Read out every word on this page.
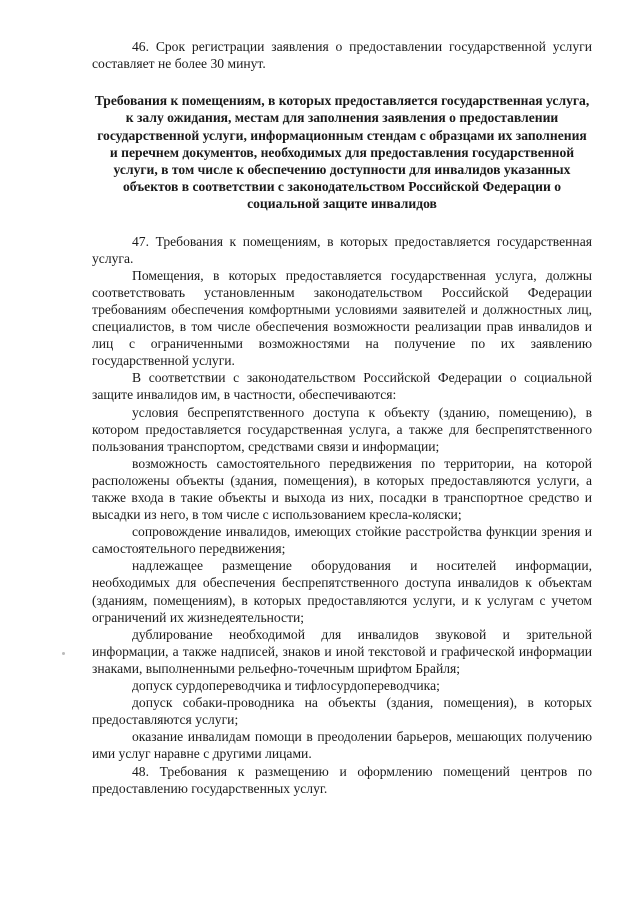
46. Срок регистрации заявления о предоставлении государственной услуги составляет не более 30 минут.

Требования к помещениям, в которых предоставляется государственная услуга, к залу ожидания, местам для заполнения заявления о предоставлении государственной услуги, информационным стендам с образцами их заполнения и перечнем документов, необходимых для предоставления государственной услуги, в том числе к обеспечению доступности для инвалидов указанных объектов в соответствии с законодательством Российской Федерации о социальной защите инвалидов

47. Требования к помещениям, в которых предоставляется государственная услуга.

Помещения, в которых предоставляется государственная услуга, должны соответствовать установленным законодательством Российской Федерации требованиям обеспечения комфортными условиями заявителей и должностных лиц, специалистов, в том числе обеспечения возможности реализации прав инвалидов и лиц с ограниченными возможностями на получение по их заявлению государственной услуги.

В соответствии с законодательством Российской Федерации о социальной защите инвалидов им, в частности, обеспечиваются:

условия беспрепятственного доступа к объекту (зданию, помещению), в котором предоставляется государственная услуга, а также для беспрепятственного пользования транспортом, средствами связи и информации;

возможность самостоятельного передвижения по территории, на которой расположены объекты (здания, помещения), в которых предоставляются услуги, а также входа в такие объекты и выхода из них, посадки в транспортное средство и высадки из него, в том числе с использованием кресла-коляски;

сопровождение инвалидов, имеющих стойкие расстройства функции зрения и самостоятельного передвижения;

надлежащее размещение оборудования и носителей информации, необходимых для обеспечения беспрепятственного доступа инвалидов к объектам (зданиям, помещениям), в которых предоставляются услуги, и к услугам с учетом ограничений их жизнедеятельности;

дублирование необходимой для инвалидов звуковой и зрительной информации, а также надписей, знаков и иной текстовой и графической информации знаками, выполненными рельефно-точечным шрифтом Брайля;

допуск сурдопереводчика и тифлосурдопереводчика;

допуск собаки-проводника на объекты (здания, помещения), в которых предоставляются услуги;

оказание инвалидам помощи в преодолении барьеров, мешающих получению ими услуг наравне с другими лицами.

48. Требования к размещению и оформлению помещений центров по предоставлению государственных услуг.
